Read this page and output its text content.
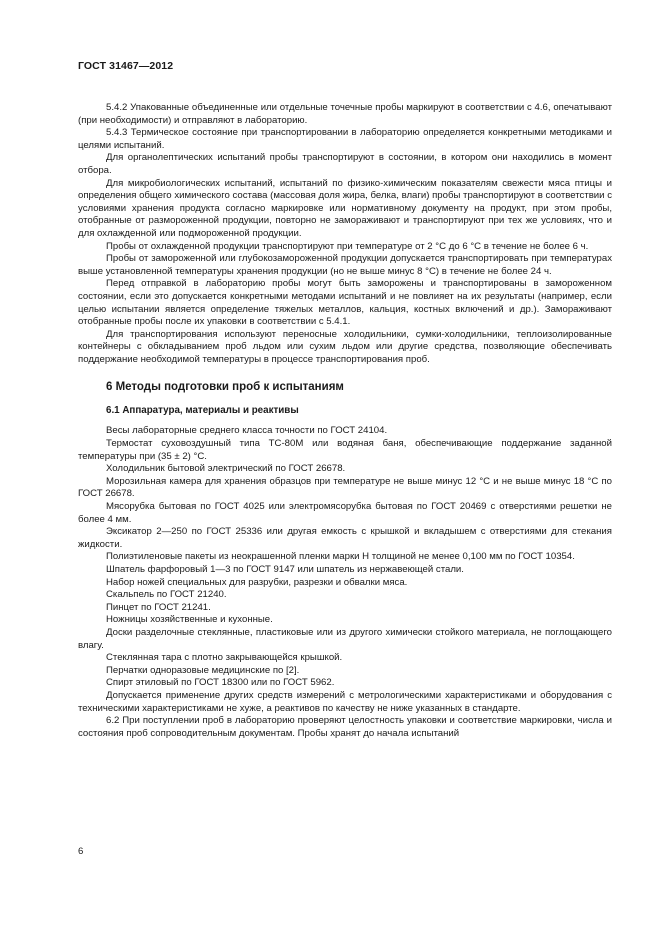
ГОСТ 31467—2012

5.4.2 Упакованные объединенные или отдельные точечные пробы маркируют в соответствии с 4.6, опечатывают (при необходимости) и отправляют в лабораторию.

5.4.3 Термическое состояние при транспортировании в лабораторию определяется конкретными методиками и целями испытаний.

Для органолептических испытаний пробы транспортируют в состоянии, в котором они находились в момент отбора.

Для микробиологических испытаний, испытаний по физико-химическим показателям свежести мяса птицы и определения общего химического состава (массовая доля жира, белка, влаги) пробы транспортируют в соответствии с условиями хранения продукта согласно маркировке или нормативному документу на продукт, при этом пробы, отобранные от размороженной продукции, повторно не замораживают и транспортируют при тех же условиях, что и для охлажденной или подмороженной продукции.

Пробы от охлажденной продукции транспортируют при температуре от 2 °С до 6 °С в течение не более 6 ч.

Пробы от замороженной или глубокозамороженной продукции допускается транспортировать при температурах выше установленной температуры хранения продукции (но не выше минус 8 °С) в течение не более 24 ч.

Перед отправкой в лабораторию пробы могут быть заморожены и транспортированы в замороженном состоянии, если это допускается конкретными методами испытаний и не повлияет на их результаты (например, если целью испытании является определение тяжелых металлов, кальция, костных включений и др.). Замораживают отобранные пробы после их упаковки в соответствии с 5.4.1.

Для транспортирования используют переносные холодильники, сумки-холодильники, теплоизолированные контейнеры с обкладыванием проб льдом или сухим льдом или другие средства, позволяющие обеспечивать поддержание необходимой температуры в процессе транспортирования проб.

6 Методы подготовки проб к испытаниям
6.1 Аппаратура, материалы и реактивы

Весы лабораторные среднего класса точности по ГОСТ 24104.

Термостат суховоздушный типа ТС-80М или водяная баня, обеспечивающие поддержание заданной температуры при (35 ± 2) °С.

Холодильник бытовой электрический по ГОСТ 26678.

Морозильная камера для хранения образцов при температуре не выше минус 12 °С и не выше минус 18 °С по ГОСТ 26678.

Мясорубка бытовая по ГОСТ 4025 или электромясорубка бытовая по ГОСТ 20469 с отверстиями решетки не более 4 мм.

Эксикатор 2—250 по ГОСТ 25336 или другая емкость с крышкой и вкладышем с отверстиями для стекания жидкости.

Полиэтиленовые пакеты из неокрашенной пленки марки Н толщиной не менее 0,100 мм по ГОСТ 10354.

Шпатель фарфоровый 1—3 по ГОСТ 9147 или шпатель из нержавеющей стали.

Набор ножей специальных для разрубки, разрезки и обвалки мяса.

Скальпель по ГОСТ 21240.

Пинцет по ГОСТ 21241.

Ножницы хозяйственные и кухонные.

Доски разделочные стеклянные, пластиковые или из другого химически стойкого материала, не поглощающего влагу.

Стеклянная тара с плотно закрывающейся крышкой.

Перчатки одноразовые медицинские по [2].

Спирт этиловый по ГОСТ 18300 или по ГОСТ 5962.

Допускается применение других средств измерений с метрологическими характеристиками и оборудования с техническими характеристиками не хуже, а реактивов по качеству не ниже указанных в стандарте.

6.2 При поступлении проб в лабораторию проверяют целостность упаковки и соответствие маркировки, числа и состояния проб сопроводительным документам. Пробы хранят до начала испытаний

6
